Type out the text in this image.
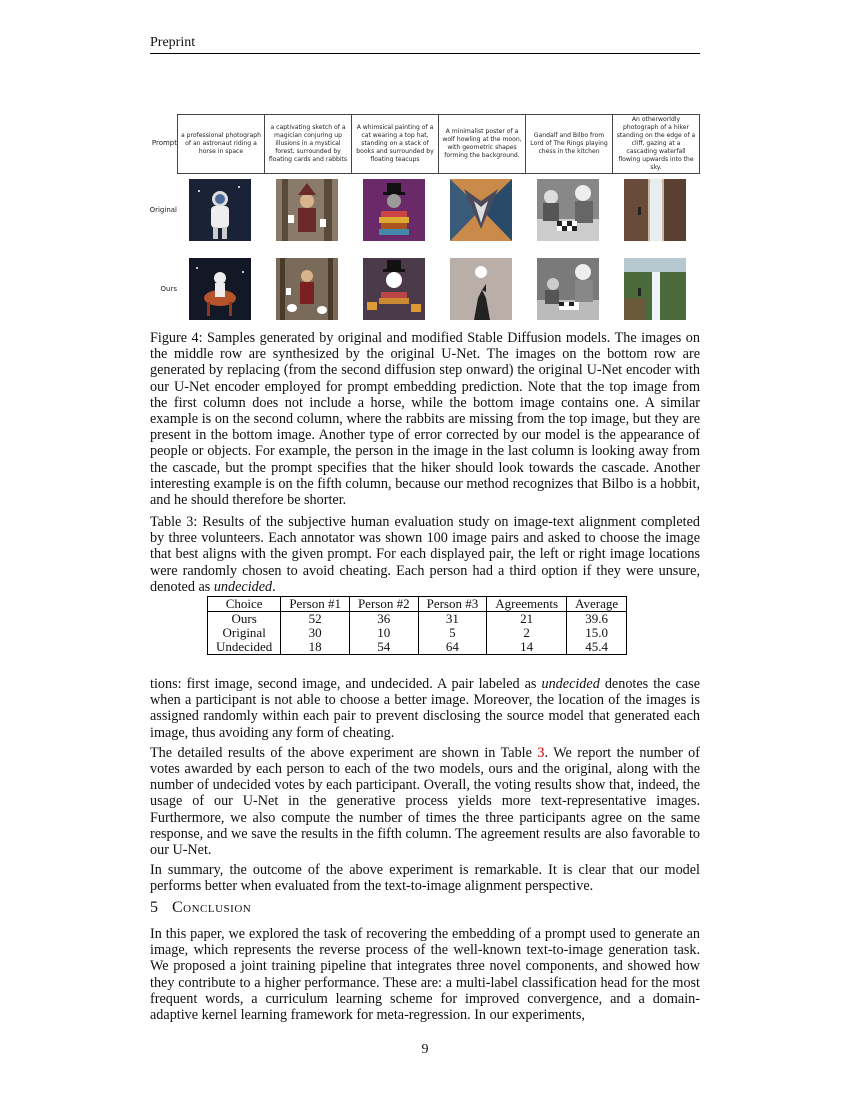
Preprint
Prompt
Original
Ours
a professional photograph of an astronaut riding a horse in space
a captivating sketch of a magician conjuring up illusions in a mystical forest, surrounded by floating cards and rabbits
A whimsical painting of a cat wearing a top hat, standing on a stack of books and surrounded by floating teacups
A minimalist poster of a wolf howling at the moon, with geometric shapes forming the background.
Gandalf and Bilbo from Lord of The Rings playing chess in the kitchen
An otherworldly photograph of a hiker standing on the edge of a cliff, gazing at a cascading waterfall flowing upwards into the sky.

Figure 4: Samples generated by original and modified Stable Diffusion models. The images on the middle row are synthesized by the original U-Net. The images on the bottom row are generated by replacing (from the second diffusion step onward) the original U-Net encoder with our U-Net encoder employed for prompt embedding prediction. Note that the top image from the first column does not include a horse, while the bottom image contains one. A similar example is on the second column, where the rabbits are missing from the top image, but they are present in the bottom image. Another type of error corrected by our model is the appearance of people or objects. For example, the person in the image in the last column is looking away from the cascade, but the prompt specifies that the hiker should look towards the cascade. Another interesting example is on the fifth column, because our method recognizes that Bilbo is a hobbit, and he should therefore be shorter.

Table 3: Results of the subjective human evaluation study on image-text alignment completed by three volunteers. Each annotator was shown 100 image pairs and asked to choose the image that best aligns with the given prompt. For each displayed pair, the left or right image locations were randomly chosen to avoid cheating. Each person had a third option if they were unsure, denoted as undecided.

Choice	Person #1	Person #2	Person #3	Agreements	Average
Ours	52	36	31	21	39.6
Original	30	10	5	2	15.0
Undecided	18	54	64	14	45.4

tions: first image, second image, and undecided. A pair labeled as undecided denotes the case when a participant is not able to choose a better image. Moreover, the location of the images is assigned randomly within each pair to prevent disclosing the source model that generated each image, thus avoiding any form of cheating.

The detailed results of the above experiment are shown in Table 3. We report the number of votes awarded by each person to each of the two models, ours and the original, along with the number of undecided votes by each participant. Overall, the voting results show that, indeed, the usage of our U-Net in the generative process yields more text-representative images. Furthermore, we also compute the number of times the three participants agree on the same response, and we save the results in the fifth column. The agreement results are also favorable to our U-Net.

In summary, the outcome of the above experiment is remarkable. It is clear that our model performs better when evaluated from the text-to-image alignment perspective.

5 Conclusion

In this paper, we explored the task of recovering the embedding of a prompt used to generate an image, which represents the reverse process of the well-known text-to-image generation task. We proposed a joint training pipeline that integrates three novel components, and showed how they contribute to a higher performance. These are: a multi-label classification head for the most frequent words, a curriculum learning scheme for improved convergence, and a domain-adaptive kernel learning framework for meta-regression. In our experiments,

9
